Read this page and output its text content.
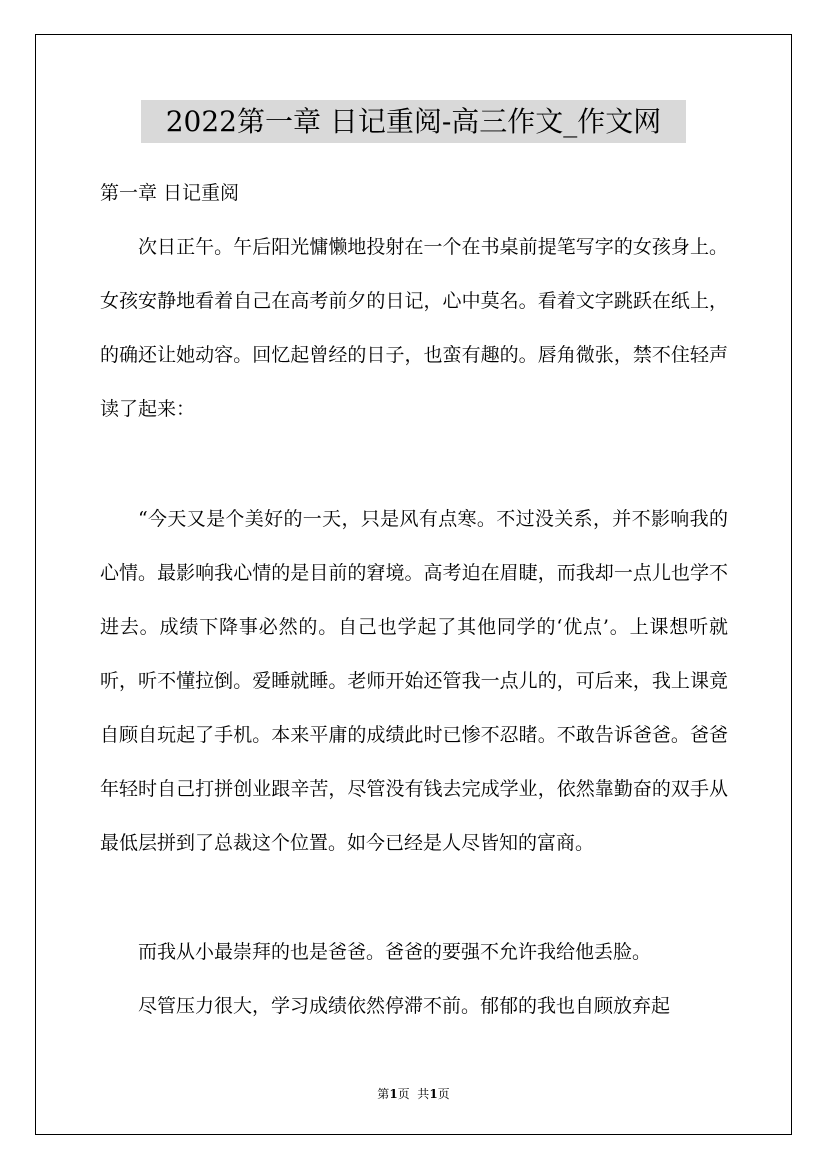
2022第一章 日记重阅-高三作文_作文网
第一章 日记重阅

次日正午。午后阳光慵懒地投射在一个在书桌前提笔写字的女孩身上。女孩安静地看着自己在高考前夕的日记，心中莫名。看着文字跳跃在纸上，的确还让她动容。回忆起曾经的日子，也蛮有趣的。唇角微张，禁不住轻声读了起来：

“今天又是个美好的一天，只是风有点寒。不过没关系，并不影响我的心情。最影响我心情的是目前的窘境。高考迫在眉睫，而我却一点儿也学不进去。成绩下降事必然的。自己也学起了其他同学的‘优点’。上课想听就听，听不懂拉倒。爱睡就睡。老师开始还管我一点儿的，可后来，我上课竟自顾自玩起了手机。本来平庸的成绩此时已惨不忍睹。不敢告诉爸爸。爸爸年轻时自己打拼创业跟辛苦，尽管没有钱去完成学业，依然靠勤奋的双手从最低层拼到了总裁这个位置。如今已经是人尽皆知的富商。

而我从小最崇拜的也是爸爸。爸爸的要强不允许我给他丢脸。

尽管压力很大，学习成绩依然停滞不前。郁郁的我也自顾放弃起

第1页  共1页
